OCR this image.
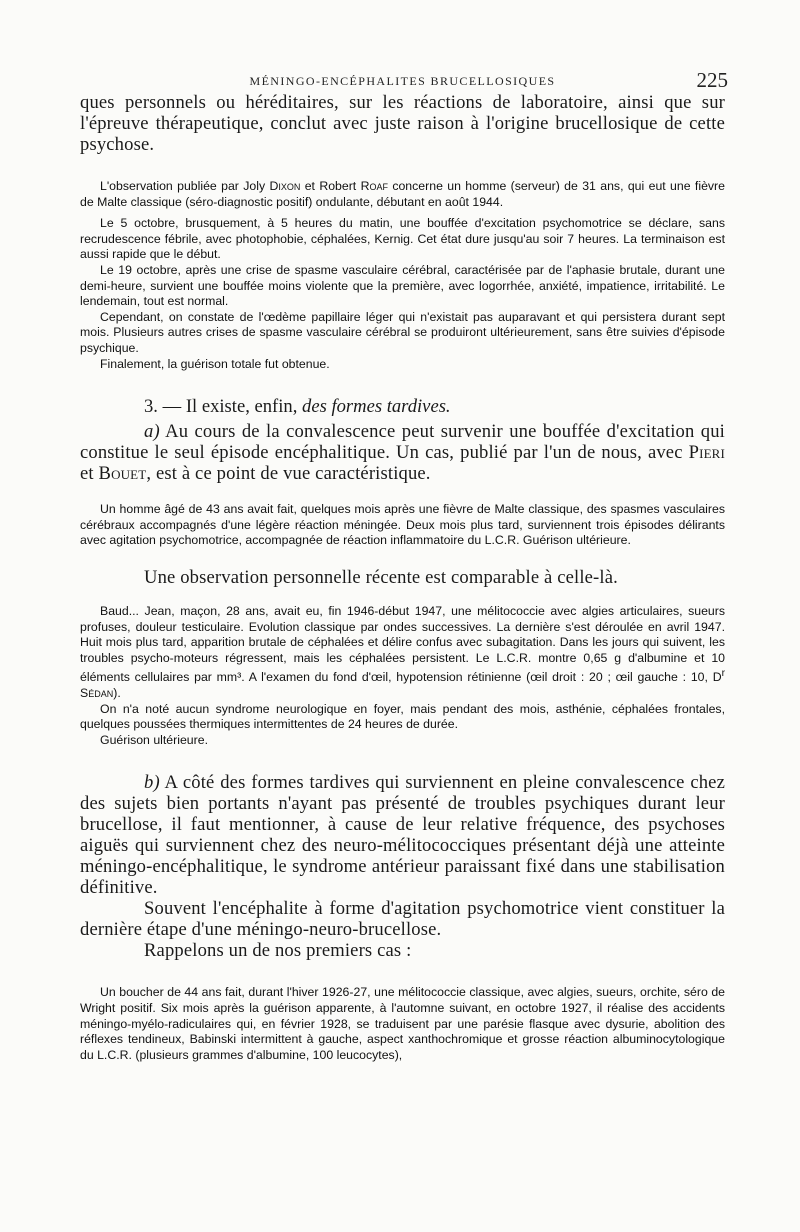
MÉNINGO-ENCÉPHALITES BRUCELLOSIQUES	225

ques personnels ou héréditaires, sur les réactions de laboratoire, ainsi que sur l'épreuve thérapeutique, conclut avec juste raison à l'origine brucellosique de cette psychose.

L'observation publiée par Joly Dixon et Robert Roaf concerne un homme (serveur) de 31 ans, qui eut une fièvre de Malte classique (séro-diagnostic positif) ondulante, débutant en août 1944.

Le 5 octobre, brusquement, à 5 heures du matin, une bouffée d'excitation psychomotrice se déclare, sans recrudescence fébrile, avec photophobie, céphalées, Kernig. Cet état dure jusqu'au soir 7 heures. La terminaison est aussi rapide que le début.

Le 19 octobre, après une crise de spasme vasculaire cérébral, caractérisée par de l'aphasie brutale, durant une demi-heure, survient une bouffée moins violente que la première, avec logorrhée, anxiété, impatience, irritabilité. Le lendemain, tout est normal.

Cependant, on constate de l'œdème papillaire léger qui n'existait pas auparavant et qui persistera durant sept mois. Plusieurs autres crises de spasme vasculaire cérébral se produiront ultérieurement, sans être suivies d'épisode psychique.

Finalement, la guérison totale fut obtenue.

3. — Il existe, enfin, des formes tardives.

a) Au cours de la convalescence peut survenir une bouffée d'excitation qui constitue le seul épisode encéphalitique. Un cas, publié par l'un de nous, avec Pieri et Bouet, est à ce point de vue caractéristique.

Un homme âgé de 43 ans avait fait, quelques mois après une fièvre de Malte classique, des spasmes vasculaires cérébraux accompagnés d'une légère réaction méningée. Deux mois plus tard, surviennent trois épisodes délirants avec agitation psychomotrice, accompagnée de réaction inflammatoire du L.C.R. Guérison ultérieure.

Une observation personnelle récente est comparable à celle-là.

Baud... Jean, maçon, 28 ans, avait eu, fin 1946-début 1947, une mélitococcie avec algies articulaires, sueurs profuses, douleur testiculaire. Evolution classique par ondes successives. La dernière s'est déroulée en avril 1947. Huit mois plus tard, apparition brutale de céphalées et délire confus avec subagitation. Dans les jours qui suivent, les troubles psycho-moteurs régressent, mais les céphalées persistent. Le L.C.R. montre 0,65 g d'albumine et 10 éléments cellulaires par mm³. A l'examen du fond d'œil, hypotension rétinienne (œil droit : 20 ; œil gauche : 10, $D^r$ Sédan).

On n'a noté aucun syndrome neurologique en foyer, mais pendant des mois, asthénie, céphalées frontales, quelques poussées thermiques intermittentes de 24 heures de durée.

Guérison ultérieure.

b) A côté des formes tardives qui surviennent en pleine convalescence chez des sujets bien portants n'ayant pas présenté de troubles psychiques durant leur brucellose, il faut mentionner, à cause de leur relative fréquence, des psychoses aiguës qui surviennent chez des neuro-mélitococciques présentant déjà une atteinte méningo-encéphalitique, le syndrome antérieur paraissant fixé dans une stabilisation définitive.

Souvent l'encéphalite à forme d'agitation psychomotrice vient constituer la dernière étape d'une méningo-neuro-brucellose.

Rappelons un de nos premiers cas :

Un boucher de 44 ans fait, durant l'hiver 1926-27, une mélitococcie classique, avec algies, sueurs, orchite, séro de Wright positif. Six mois après la guérison apparente, à l'automne suivant, en octobre 1927, il réalise des accidents méningo-myélo-radiculaires qui, en février 1928, se traduisent par une parésie flasque avec dysurie, abolition des réflexes tendineux, Babinski intermittent à gauche, aspect xanthochromique et grosse réaction albuminocytologique du L.C.R. (plusieurs grammes d'albumine, 100 leucocytes),
